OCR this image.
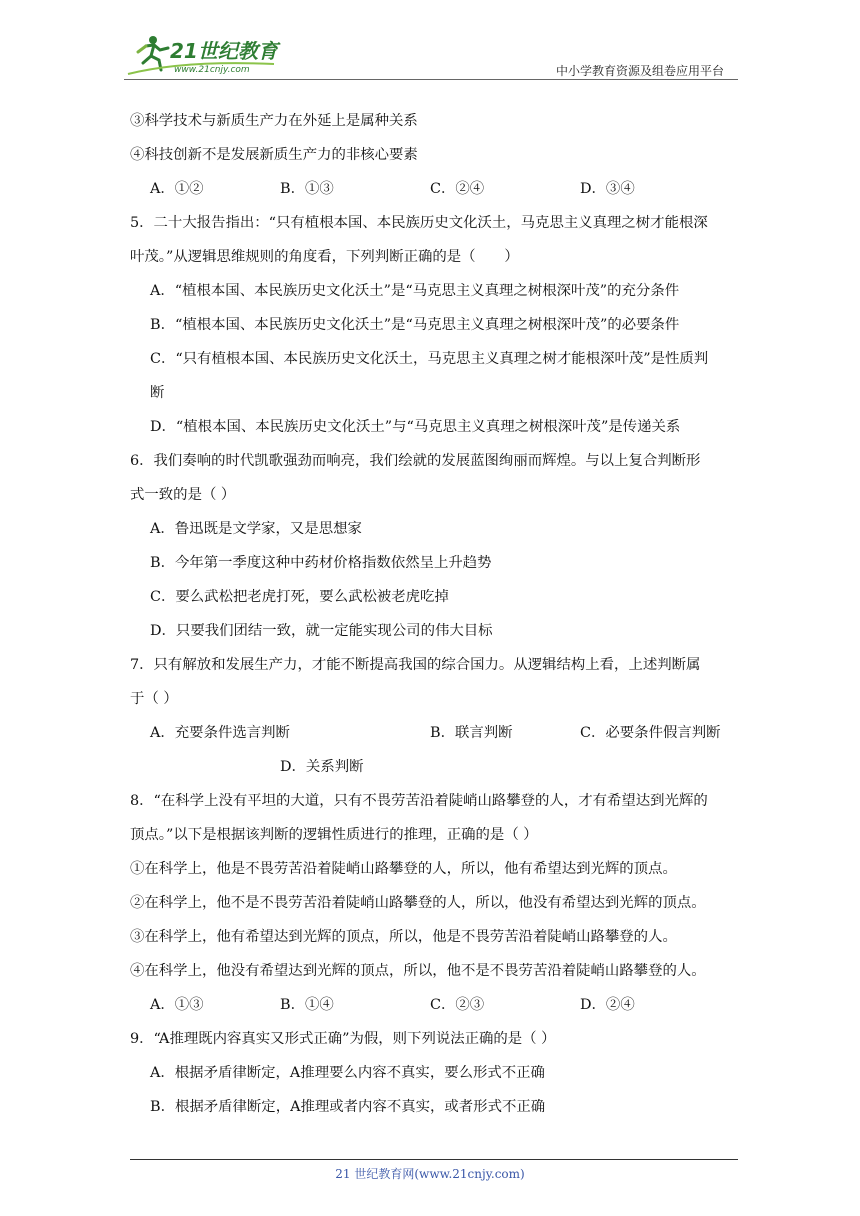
21世纪教育
www.21cnjy.com	中小学教育资源及组卷应用平台
③科学技术与新质生产力在外延上是属种关系
④科技创新不是发展新质生产力的非核心要素
A．①②	B．①③	C．②④	D．③④
5．二十大报告指出：“只有植根本国、本民族历史文化沃土，马克思主义真理之树才能根深
叶茂。”从逻辑思维规则的角度看，下列判断正确的是（　　）
A．“植根本国、本民族历史文化沃土”是“马克思主义真理之树根深叶茂”的充分条件
B．“植根本国、本民族历史文化沃土”是“马克思主义真理之树根深叶茂”的必要条件
C．“只有植根本国、本民族历史文化沃土，马克思主义真理之树才能根深叶茂”是性质判
断
D．“植根本国、本民族历史文化沃土”与“马克思主义真理之树根深叶茂”是传递关系
6．我们奏响的时代凯歌强劲而响亮，我们绘就的发展蓝图绚丽而辉煌。与以上复合判断形
式一致的是（ ）
A．鲁迅既是文学家，又是思想家
B．今年第一季度这种中药材价格指数依然呈上升趋势
C．要么武松把老虎打死，要么武松被老虎吃掉
D．只要我们团结一致，就一定能实现公司的伟大目标
7．只有解放和发展生产力，才能不断提高我国的综合国力。从逻辑结构上看，上述判断属
于（ ）
A．充要条件选言判断	B．联言判断	C．必要条件假言判断
D．关系判断
8．“在科学上没有平坦的大道，只有不畏劳苦沿着陡峭山路攀登的人，才有希望达到光辉的
顶点。”以下是根据该判断的逻辑性质进行的推理，正确的是（ ）
①在科学上，他是不畏劳苦沿着陡峭山路攀登的人，所以，他有希望达到光辉的顶点。
②在科学上，他不是不畏劳苦沿着陡峭山路攀登的人，所以，他没有希望达到光辉的顶点。
③在科学上，他有希望达到光辉的顶点，所以，他是不畏劳苦沿着陡峭山路攀登的人。
④在科学上，他没有希望达到光辉的顶点，所以，他不是不畏劳苦沿着陡峭山路攀登的人。
A．①③	B．①④	C．②③	D．②④
9．“A推理既内容真实又形式正确”为假，则下列说法正确的是（ ）
A．根据矛盾律断定，A推理要么内容不真实，要么形式不正确
B．根据矛盾律断定，A推理或者内容不真实，或者形式不正确
21 世纪教育网(www.21cnjy.com)
